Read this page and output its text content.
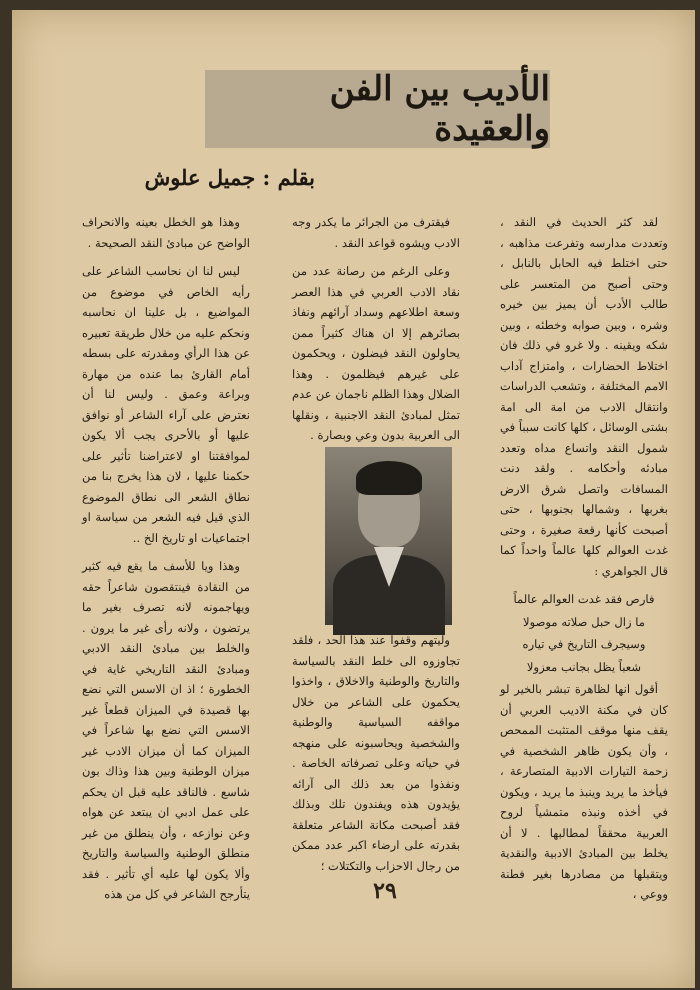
الأديب بين الفن والعقيدة
بقلم : جميل علوش

لقد كثر الحديث في النقد ، وتعددت مدارسه وتفرعت مذاهبه ، حتى اختلط فيه الحابل بالنابل ، وحتى أصبح من المتعسر على طالب الأدب أن يميز بين خيره وشره ، وبين صوابه وخطئه ، وبين شكه ويقينه . ولا غرو في ذلك فان اختلاط الحضارات ، وامتزاج آداب الامم المختلفة ، وتشعب الدراسات وانتقال الادب من امة الى امة بشتى الوسائل ، كلها كانت سبباً في شمول النقد واتساع مداه وتعدد مبادئه وأحكامه . ولقد دنت المسافات واتصل شرق الارض بغربها ، وشمالها بجنوبها ، حتى أصبحت كأنها رقعة صغيرة ، وحتى غدت العوالم كلها عالماً واحداً كما قال الجواهري :

فارص فقد غدت العوالم عالماً

ما زال حبل صلاته موصولا

وسيجرف التاريخ في تياره

شعباً يظل بجانب معزولا

أقول انها لظاهرة تبشر بالخير لو كان في مكنة الاديب العربي أن يقف منها موقف المتثبت الممحص ، وأن يكون ظاهر الشخصية في زحمة التيارات الادبية المتصارعة ، فيأخذ ما يريد وينبذ ما يريد ، ويكون في أخذه ونبذه متمشياً لروح العربية محققاً لمطالبها . لا أن يخلط بين المبادئ الادبية والنقدية ويتقبلها من مصادرها بغير فطنة ووعي ،

فيقترف من الجرائر ما يكدر وجه الادب ويشوه قواعد النقد .

وعلى الرغم من رصانة عدد من نقاد الادب العربي في هذا العصر وسعة اطلاعهم وسداد آرائهم ونفاذ بصائرهم إلا ان هناك كثيراً ممن يحاولون النقد فيضلون ، ويحكمون على غيرهم فيظلمون . وهذا الضلال وهذا الظلم ناجمان عن عدم تمثل لمبادئ النقد الاجنبية ، ونقلها الى العربية بدون وعي وبصارة .

وليتهم وقفوا عند هذا الحد ، فلقد تجاوزوه الى خلط النقد بالسياسة والتاريخ والوطنية والاخلاق ، واخذوا يحكمون على الشاعر من خلال مواقفه السياسية والوطنية والشخصية ويحاسبونه على منهجه في حياته وعلى تصرفاته الخاصة . ونفذوا من بعد ذلك الى آرائه يؤيدون هذه ويفندون تلك وبذلك فقد أصبحت مكانة الشاعر متعلقة بقدرته على ارضاء اكبر عدد ممكن من رجال الاحزاب والتكتلات ؛

وهذا هو الخطل بعينه والانحراف الواضح عن مبادئ النقد الصحيحة .

ليس لنا ان نحاسب الشاعر على رأيه الخاص في موضوع من المواضيع ، بل علينا ان نحاسبه ونحكم عليه من خلال طريقة تعبيره عن هذا الرأي ومقدرته على بسطه أمام القارئ بما عنده من مهارة وبراعة وعمق . وليس لنا أن نعترض على آراء الشاعر أو نوافق عليها أو بالأحرى يجب ألا يكون لموافقتنا او لاعتراضنا تأثير على حكمنا عليها ، لان هذا يخرج بنا من نطاق الشعر الى نطاق الموضوع الذي قيل فيه الشعر من سياسة او اجتماعيات او تاريخ الخ ..

وهذا ويا للأسف ما يقع فيه كثير من النقادة فينتقصون شاعراً حقه ويهاجمونه لانه تصرف بغير ما يرتضون ، ولانه رأى غير ما يرون . والخلط بين مبادئ النقد الادبي ومبادئ النقد التاريخي غاية في الخطورة ؛ اذ ان الاسس التي نضع بها قصيدة في الميزان قطعاً غير الاسس التي نضع بها شاعراً في الميزان كما أن ميزان الادب غير ميزان الوطنية وبين هذا وذاك بون شاسع . فالناقد عليه قبل ان يحكم على عمل ادبي ان يبتعد عن هواه وعن نوازعه ، وأن ينطلق من غير منطلق الوطنية والسياسة والتاريخ وألا يكون لها عليه أي تأثير . فقد يتأرجح الشاعر في كل من هذه	٢٩
